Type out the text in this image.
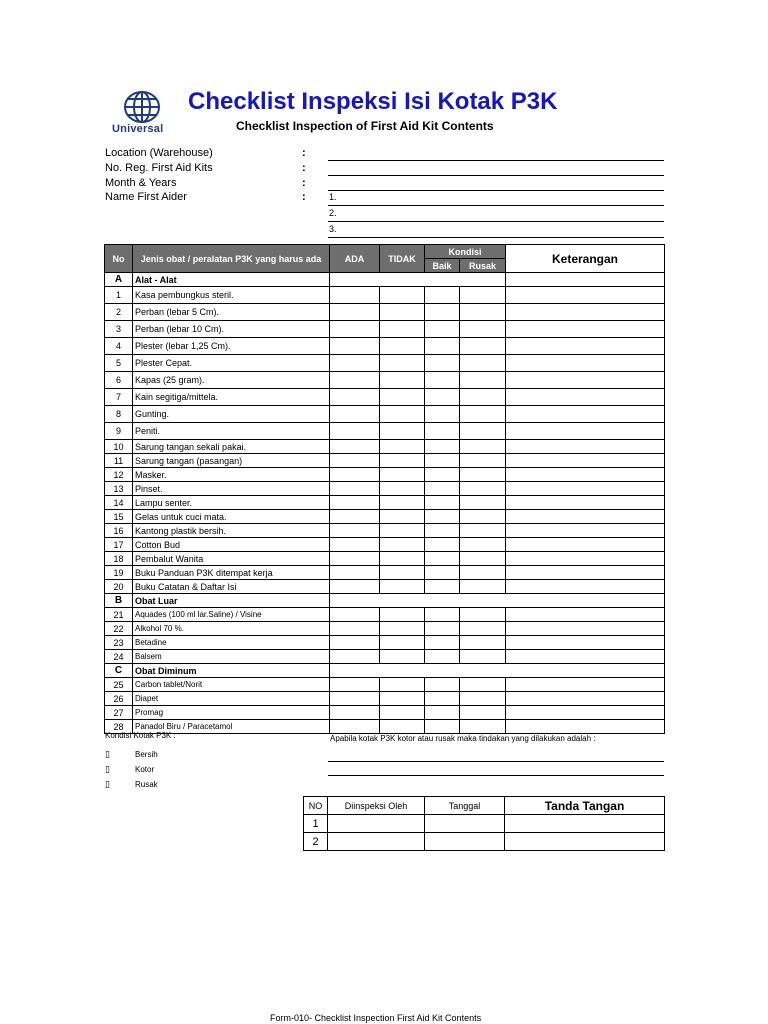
Universal
Checklist Inspeksi Isi Kotak P3K
Checklist Inspection of First Aid Kit Contents
Location (Warehouse)	:
No. Reg. First Aid Kits	:
Month & Years	:
Name First Aider	:	1.
2.
3.
No	Jenis obat / peralatan P3K yang harus ada	ADA	TIDAK	Kondisi		Keterangan
				Baik	Rusak	
A	Alat - Alat					
1	Kasa pembungkus steril.					
2	Perban (lebar 5 Cm).					
3	Perban (lebar 10 Cm).					
4	Plester (lebar 1,25 Cm).					
5	Plester Cepat.					
6	Kapas (25 gram).					
7	Kain segitiga/mittela.					
8	Gunting.					
9	Peniti.					
10	Sarung tangan sekali pakai.					
11	Sarung tangan (pasangan)					
12	Masker.					
13	Pinset.					
14	Lampu senter.					
15	Gelas untuk cuci mata.					
16	Kantong plastik bersih.					
17	Cotton Bud					
18	Pembalut Wanita					
19	Buku Panduan P3K ditempat kerja					
20	Buku Catatan & Daftar Isi					
B	Obat Luar					
21	Aquades (100 ml lar.Saline) / Visine					
22	Alkohol 70 %.					
23	Betadine					
24	Balsem					
C	Obat Diminum					
25	Carbon tablet/Norit					
26	Diapet					
27	Promag					
28	Panadol Biru / Paracetamol					
Kondisi Kotak P3K :
▯	Bersih
▯	Kotor
▯	Rusak
Apabila kotak P3K kotor atau rusak maka tindakan yang dilakukan adalah :
NO	Diinspeksi Oleh	Tanggal	Tanda Tangan
1			
2			
Form-010- Checklist Inspection First Aid Kit Contents
